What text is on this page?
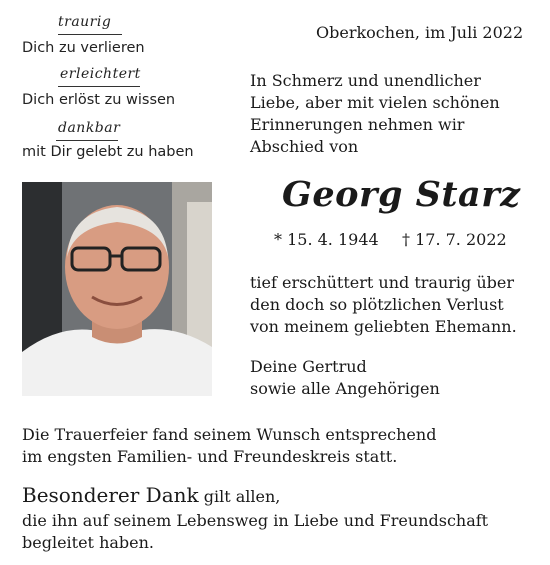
traurig
Dich zu verlieren
erleichtert
Dich erlöst zu wissen
dankbar
mit Dir gelebt zu haben
Oberkochen, im Juli 2022
In Schmerz und unendlicher
Liebe, aber mit vielen schönen
Erinnerungen nehmen wir
Abschied von
Georg Starz
* 15. 4. 1944 † 17. 7. 2022
tief erschüttert und traurig über
den doch so plötzlichen Verlust
von meinem geliebten Ehemann.
Deine Gertrud
sowie alle Angehörigen
Die Trauerfeier fand seinem Wunsch entsprechend
im engsten Familien- und Freundeskreis statt.
Besonderer Dank gilt allen,
die ihn auf seinem Lebensweg in Liebe und Freundschaft
begleitet haben.
